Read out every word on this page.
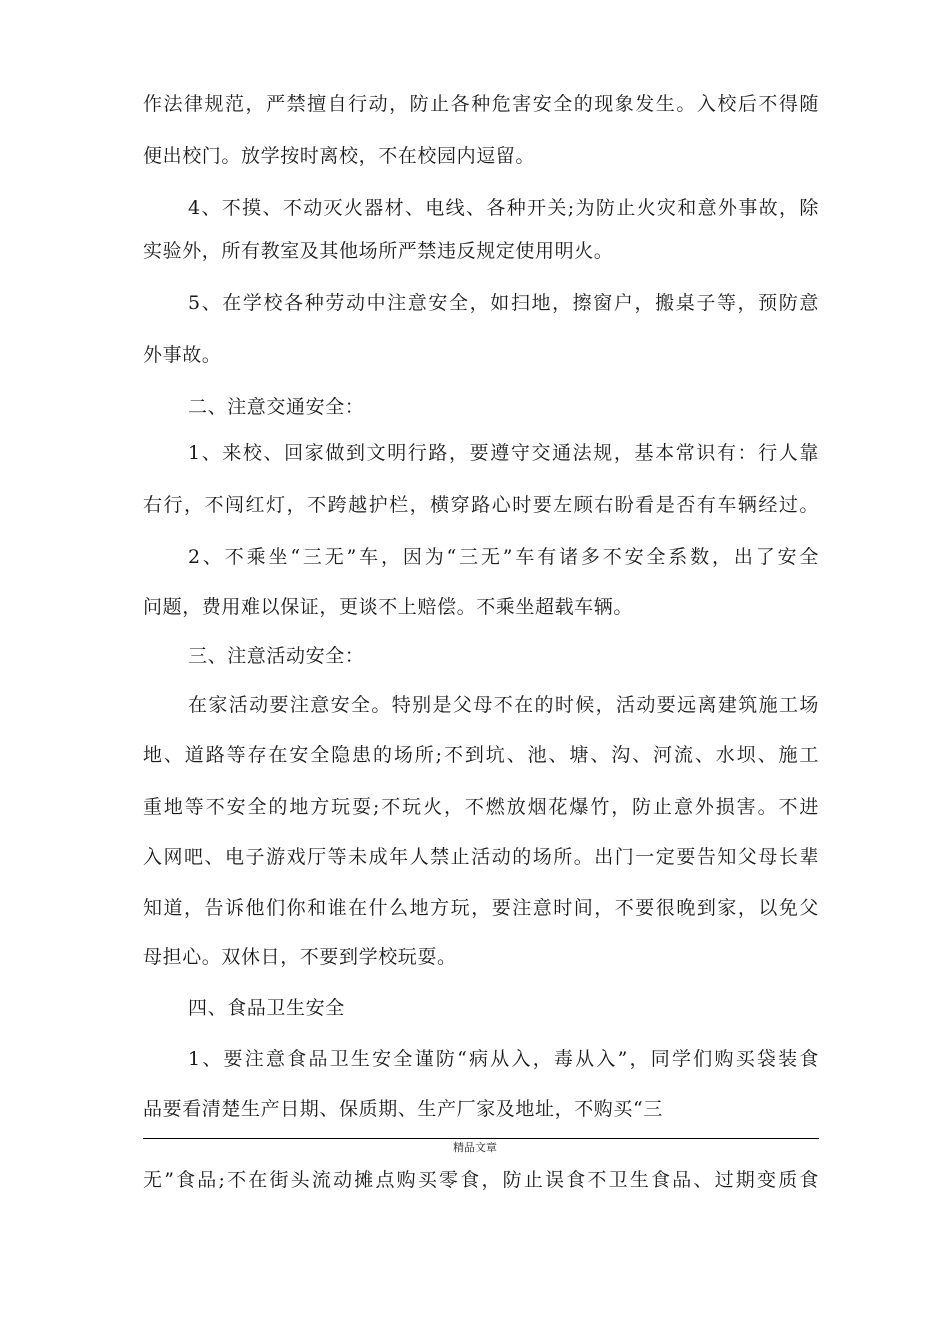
作法律规范，严禁擅自行动，防止各种危害安全的现象发生。入校后不得随
便出校门。放学按时离校，不在校园内逗留。
4、不摸、不动灭火器材、电线、各种开关;为防止火灾和意外事故，除
实验外，所有教室及其他场所严禁违反规定使用明火。
5、在学校各种劳动中注意安全，如扫地，擦窗户，搬桌子等，预防意
外事故。
二、注意交通安全：
1、来校、回家做到文明行路，要遵守交通法规，基本常识有：行人靠
右行，不闯红灯，不跨越护栏，横穿路心时要左顾右盼看是否有车辆经过。
2、不乘坐“三无”车，因为“三无”车有诸多不安全系数，出了安全
问题，费用难以保证，更谈不上赔偿。不乘坐超载车辆。
三、注意活动安全：
在家活动要注意安全。特别是父母不在的时候，活动要远离建筑施工场
地、道路等存在安全隐患的场所;不到坑、池、塘、沟、河流、水坝、施工
重地等不安全的地方玩耍;不玩火，不燃放烟花爆竹，防止意外损害。不进
入网吧、电子游戏厅等未成年人禁止活动的场所。出门一定要告知父母长辈
知道，告诉他们你和谁在什么地方玩，要注意时间，不要很晚到家，以免父
母担心。双休日，不要到学校玩耍。
四、食品卫生安全
1、要注意食品卫生安全谨防“病从入，毒从入”，同学们购买袋装食
品要看清楚生产日期、保质期、生产厂家及地址，不购买“三
精品文章
无”食品;不在街头流动摊点购买零食，防止误食不卫生食品、过期变质食
